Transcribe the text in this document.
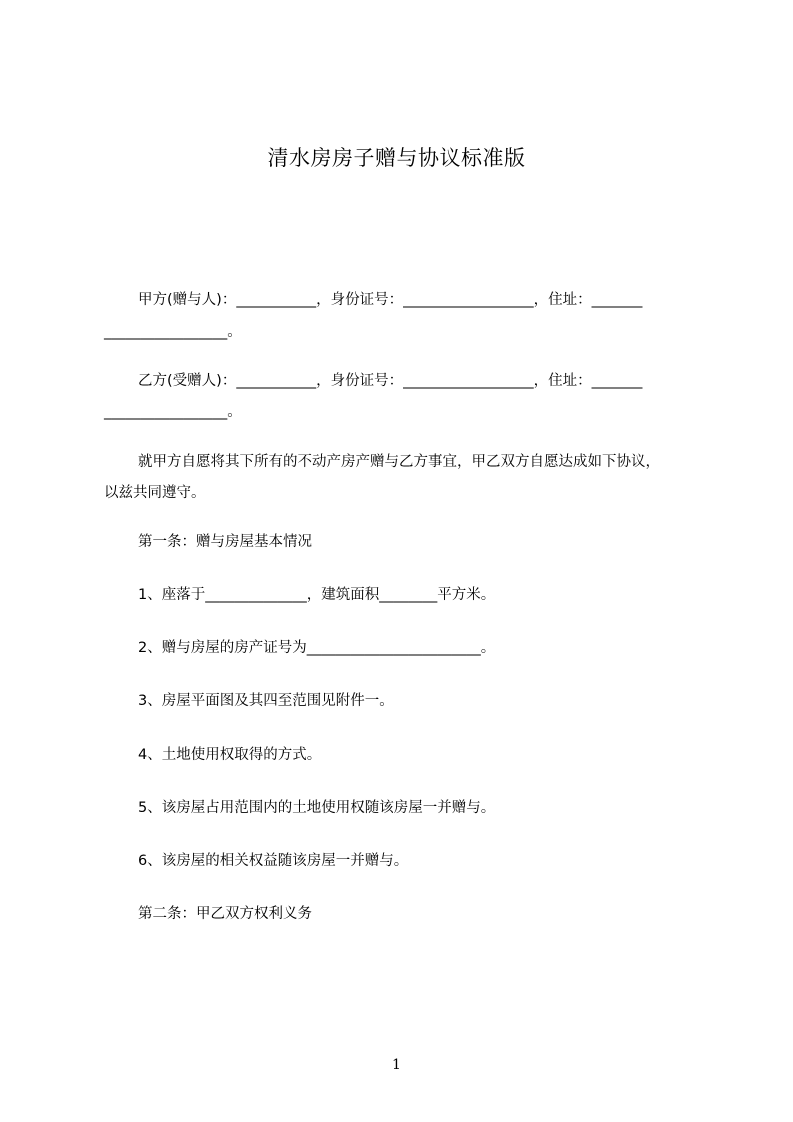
清水房房子赠与协议标准版

甲方(赠与人)：___________，身份证号：__________________，住址：_______

_________________。

乙方(受赠人)：___________，身份证号：__________________，住址：_______

_________________。

就甲方自愿将其下所有的不动产房产赠与乙方事宜，甲乙双方自愿达成如下协议，

以兹共同遵守。

第一条：赠与房屋基本情况

1、座落于______________，建筑面积________平方米。

2、赠与房屋的房产证号为________________________。

3、房屋平面图及其四至范围见附件一。

4、土地使用权取得的方式。

5、该房屋占用范围内的土地使用权随该房屋一并赠与。

6、该房屋的相关权益随该房屋一并赠与。

第二条：甲乙双方权利义务

1
